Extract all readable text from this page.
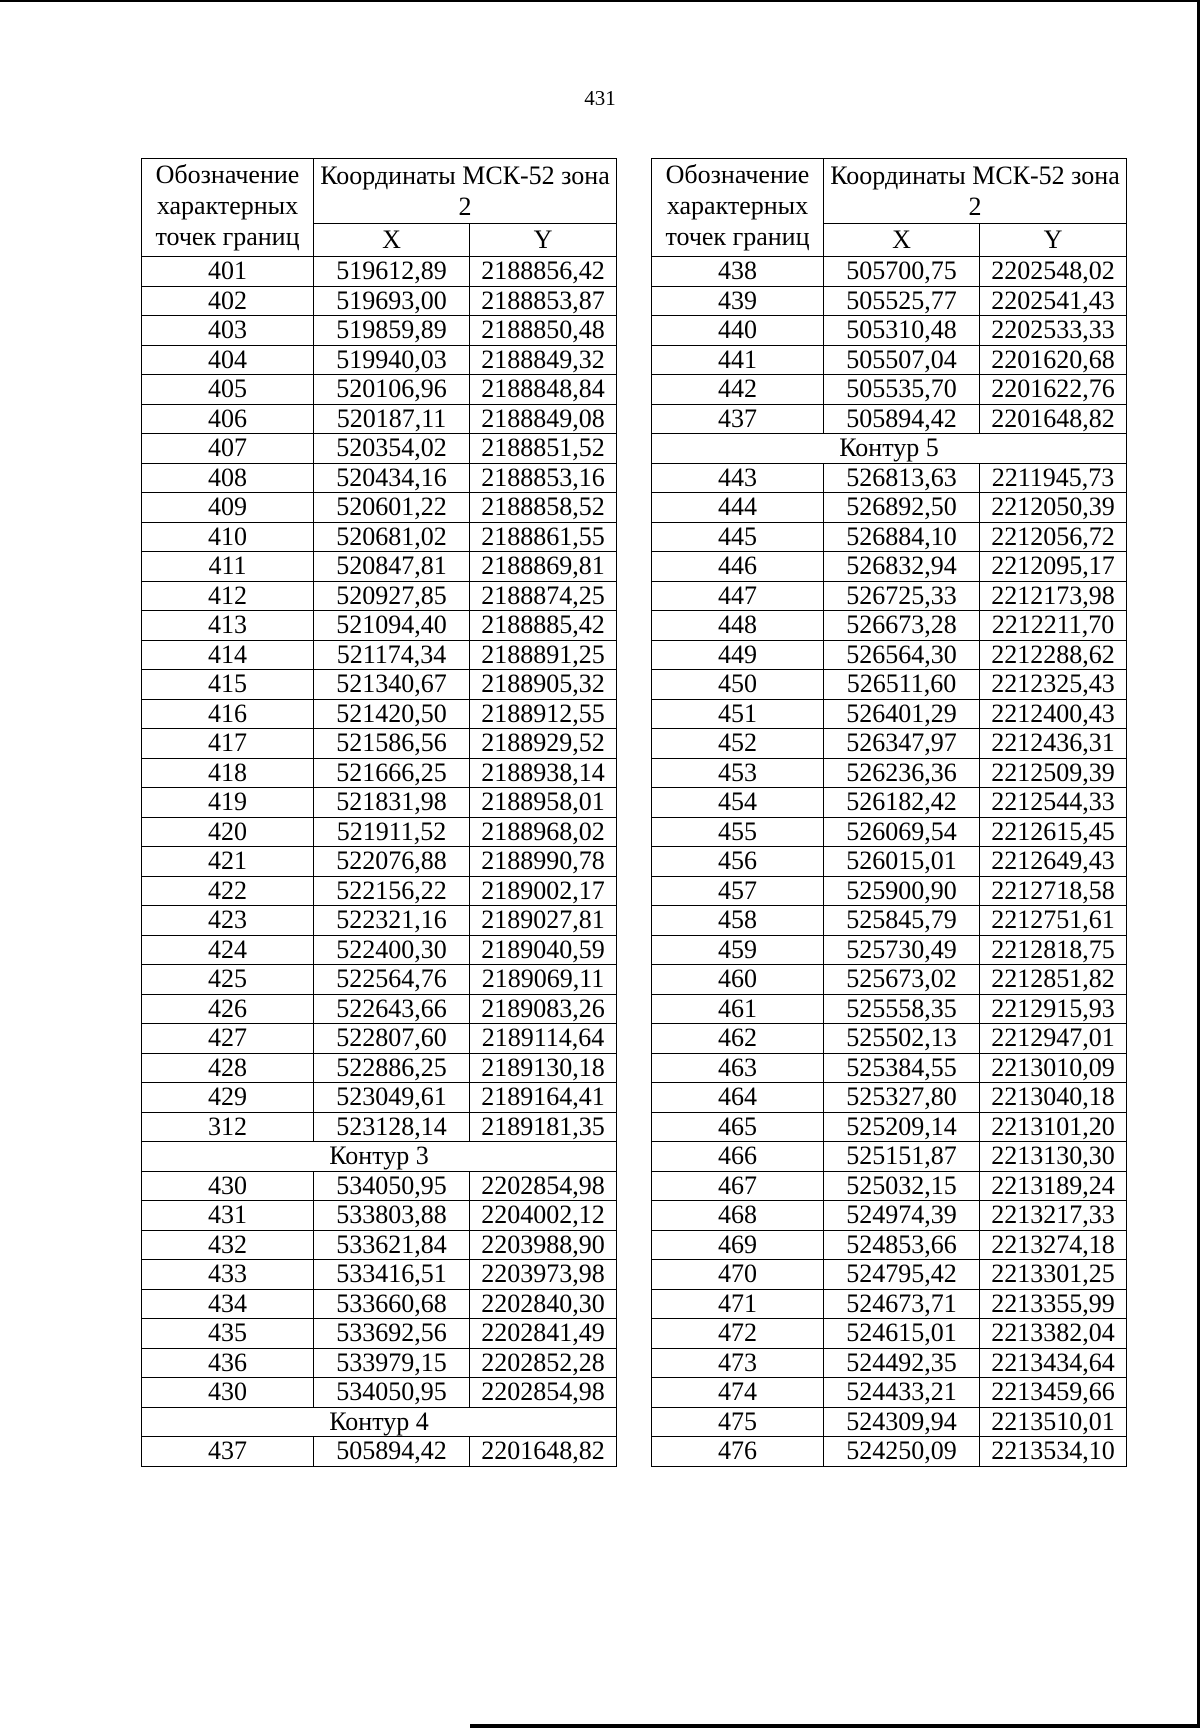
431
Обозначение характерных точек границ	Координаты МСК-52 зона 2	
	X	Y
401	519612,89	2188856,42
402	519693,00	2188853,87
403	519859,89	2188850,48
404	519940,03	2188849,32
405	520106,96	2188848,84
406	520187,11	2188849,08
407	520354,02	2188851,52
408	520434,16	2188853,16
409	520601,22	2188858,52
410	520681,02	2188861,55
411	520847,81	2188869,81
412	520927,85	2188874,25
413	521094,40	2188885,42
414	521174,34	2188891,25
415	521340,67	2188905,32
416	521420,50	2188912,55
417	521586,56	2188929,52
418	521666,25	2188938,14
419	521831,98	2188958,01
420	521911,52	2188968,02
421	522076,88	2188990,78
422	522156,22	2189002,17
423	522321,16	2189027,81
424	522400,30	2189040,59
425	522564,76	2189069,11
426	522643,66	2189083,26
427	522807,60	2189114,64
428	522886,25	2189130,18
429	523049,61	2189164,41
312	523128,14	2189181,35
Контур 3		
430	534050,95	2202854,98
431	533803,88	2204002,12
432	533621,84	2203988,90
433	533416,51	2203973,98
434	533660,68	2202840,30
435	533692,56	2202841,49
436	533979,15	2202852,28
430	534050,95	2202854,98
Контур 4		
437	505894,42	2201648,82
Обозначение характерных точек границ	Координаты МСК-52 зона 2	
	X	Y
438	505700,75	2202548,02
439	505525,77	2202541,43
440	505310,48	2202533,33
441	505507,04	2201620,68
442	505535,70	2201622,76
437	505894,42	2201648,82
Контур 5		
443	526813,63	2211945,73
444	526892,50	2212050,39
445	526884,10	2212056,72
446	526832,94	2212095,17
447	526725,33	2212173,98
448	526673,28	2212211,70
449	526564,30	2212288,62
450	526511,60	2212325,43
451	526401,29	2212400,43
452	526347,97	2212436,31
453	526236,36	2212509,39
454	526182,42	2212544,33
455	526069,54	2212615,45
456	526015,01	2212649,43
457	525900,90	2212718,58
458	525845,79	2212751,61
459	525730,49	2212818,75
460	525673,02	2212851,82
461	525558,35	2212915,93
462	525502,13	2212947,01
463	525384,55	2213010,09
464	525327,80	2213040,18
465	525209,14	2213101,20
466	525151,87	2213130,30
467	525032,15	2213189,24
468	524974,39	2213217,33
469	524853,66	2213274,18
470	524795,42	2213301,25
471	524673,71	2213355,99
472	524615,01	2213382,04
473	524492,35	2213434,64
474	524433,21	2213459,66
475	524309,94	2213510,01
476	524250,09	2213534,10
